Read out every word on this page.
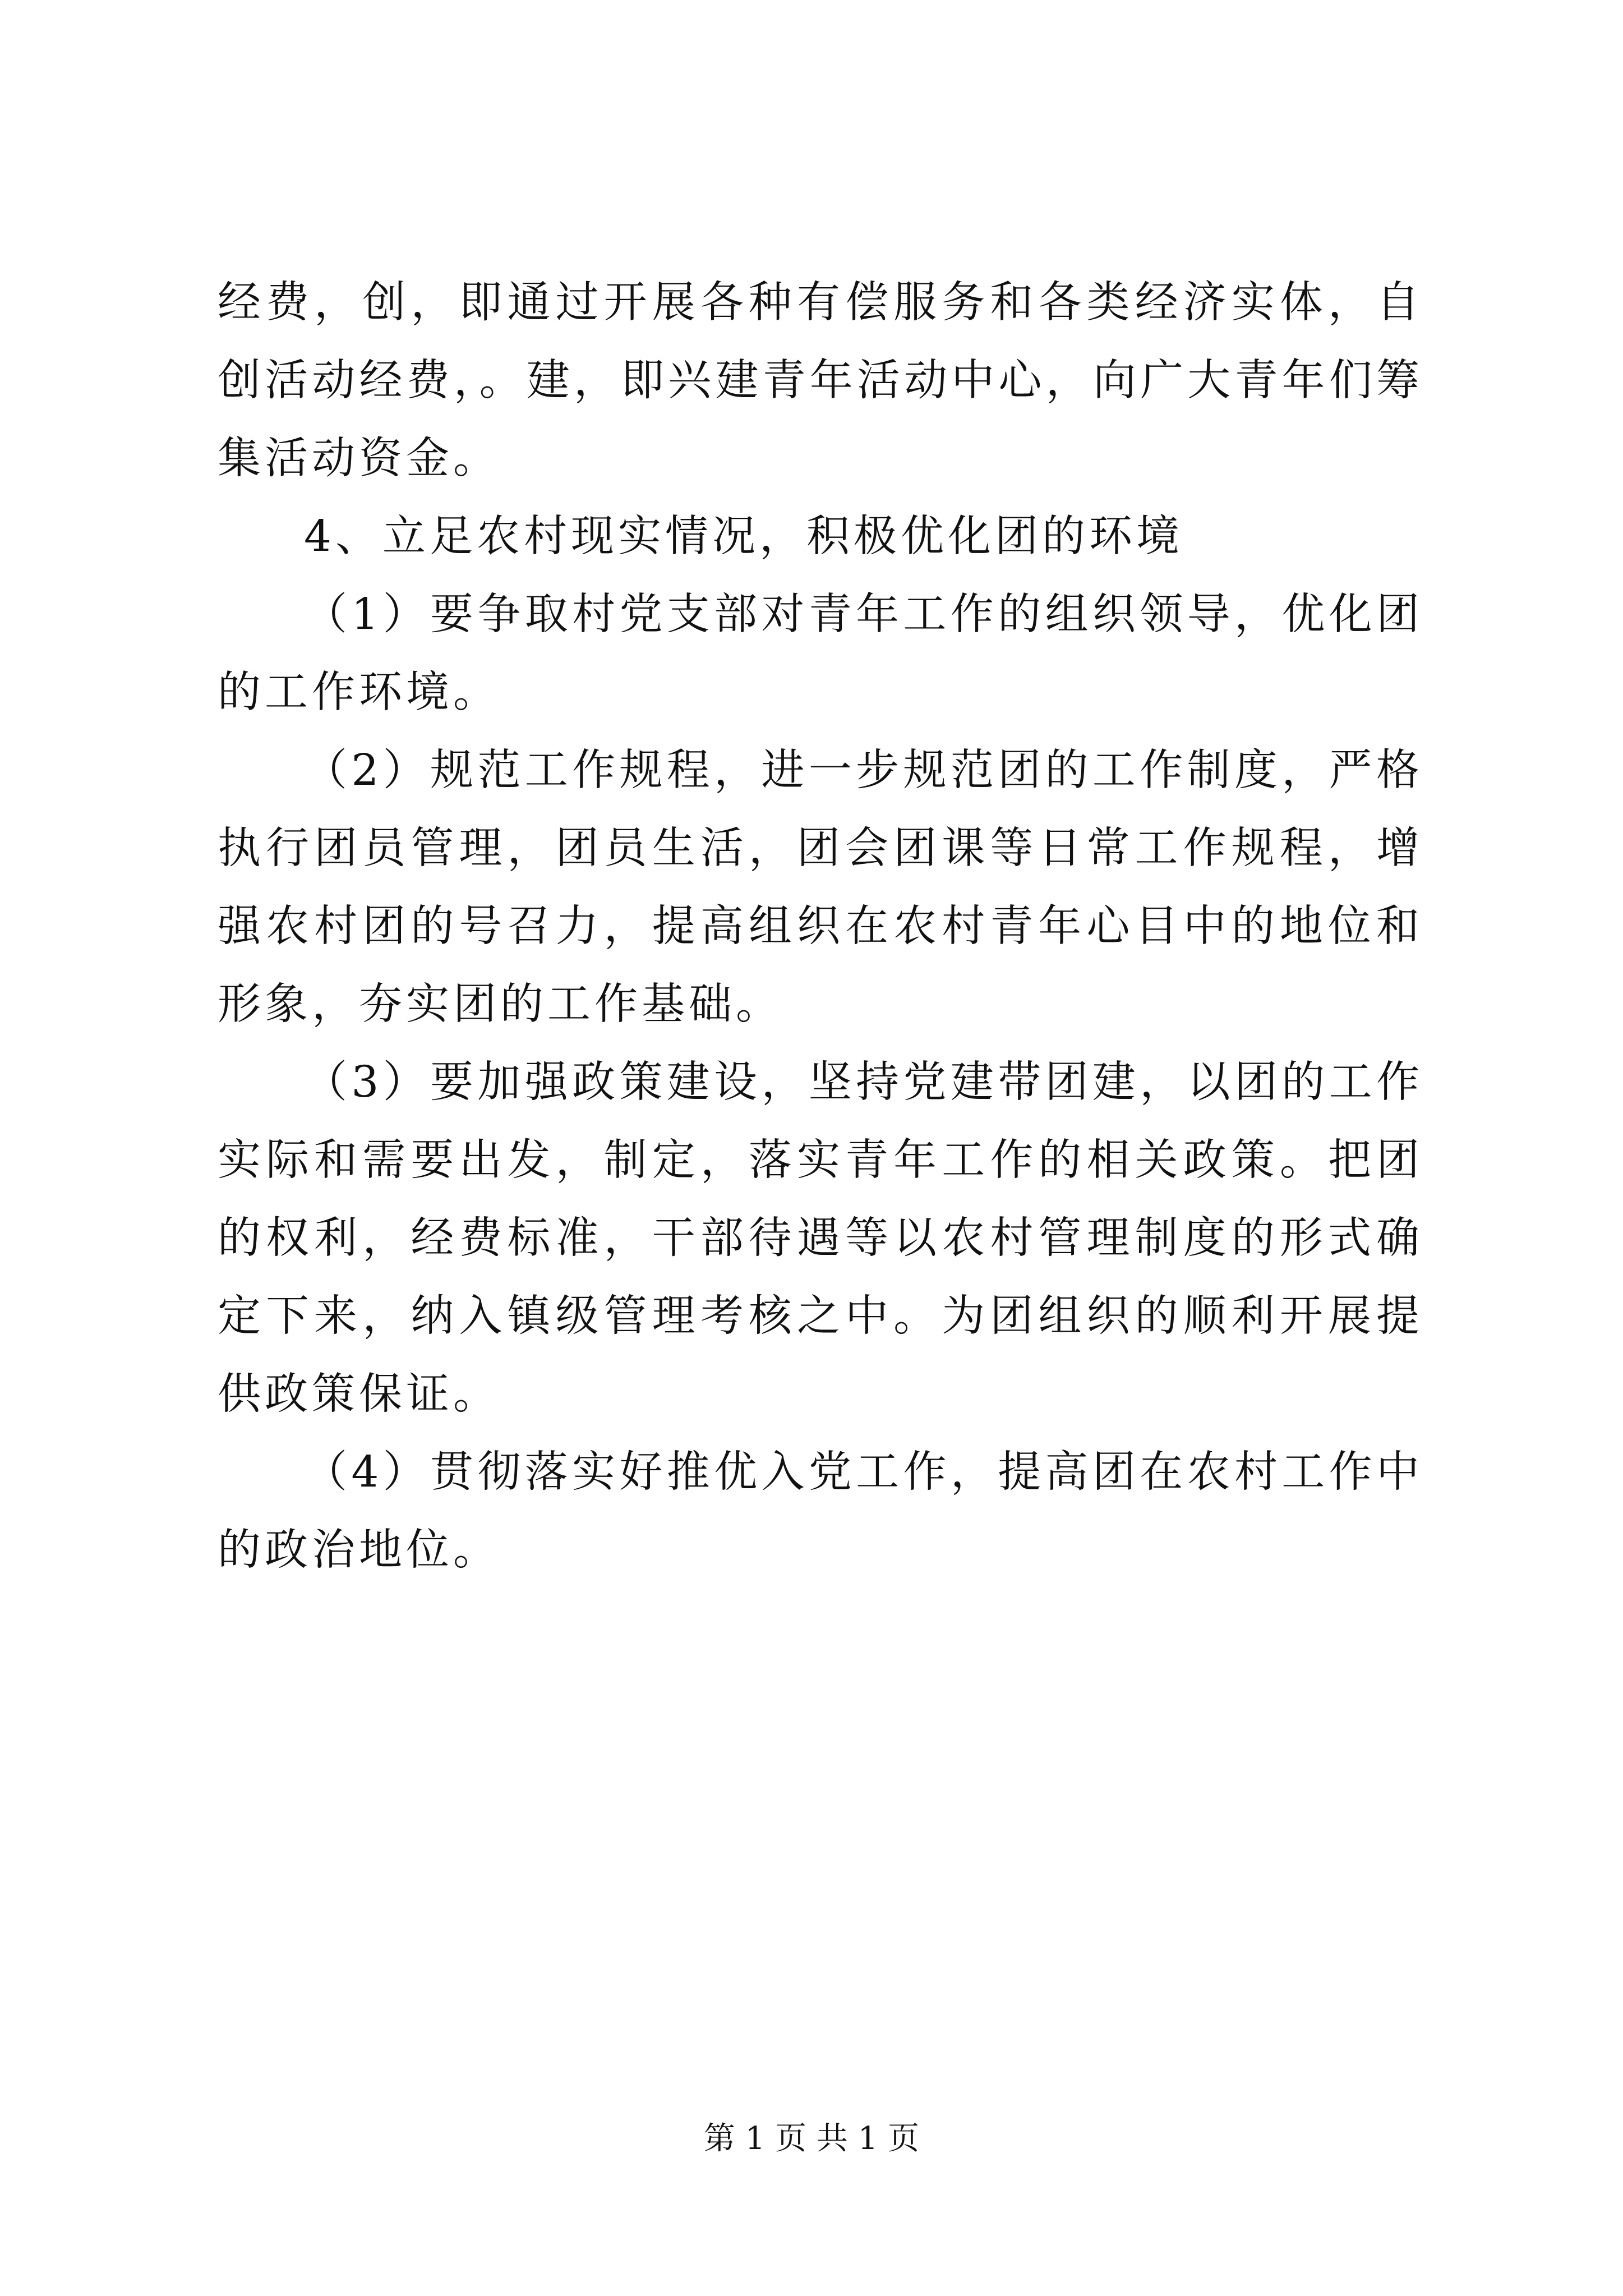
经费，创，即通过开展各种有偿服务和各类经济实体，自创活动经费，。建，即兴建青年活动中心，向广大青年们筹集活动资金。

4、立足农村现实情况，积极优化团的环境

（1）要争取村党支部对青年工作的组织领导，优化团的工作环境。

（2）规范工作规程，进一步规范团的工作制度，严格执行团员管理，团员生活，团会团课等日常工作规程，增强农村团的号召力，提高组织在农村青年心目中的地位和形象，夯实团的工作基础。

（3）要加强政策建设，坚持党建带团建，以团的工作实际和需要出发，制定，落实青年工作的相关政策。把团的权利，经费标准，干部待遇等以农村管理制度的形式确定下来，纳入镇级管理考核之中。为团组织的顺利开展提供政策保证。

（4）贯彻落实好推优入党工作，提高团在农村工作中的政治地位。

第 1 页 共 1 页
